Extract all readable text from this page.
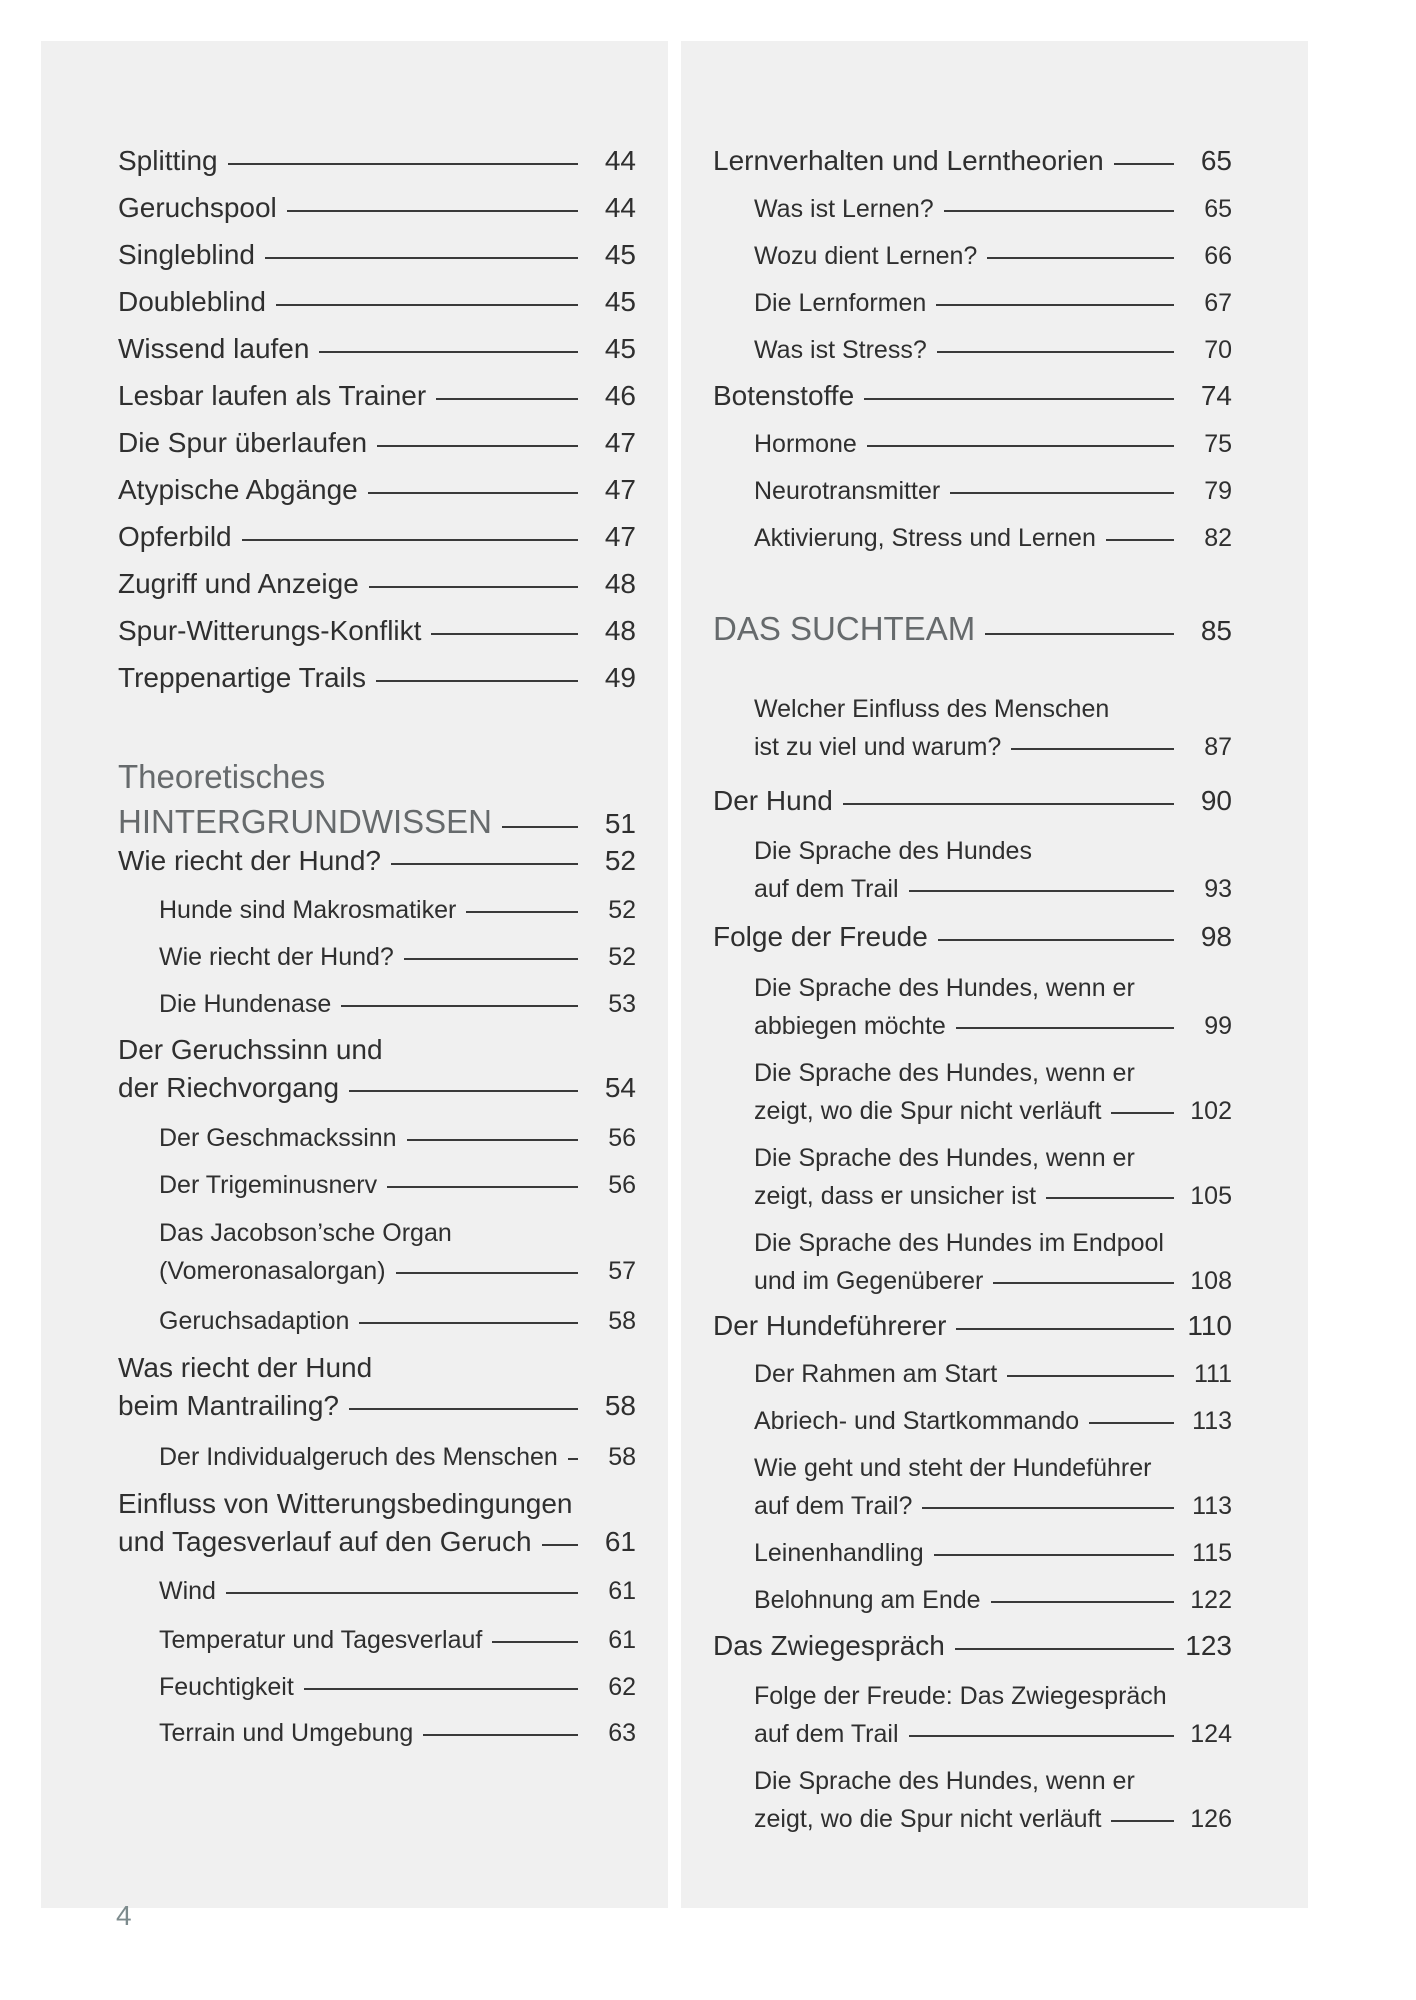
Splitting	44
Geruchspool	44
Singleblind	45
Doubleblind	45
Wissend laufen	45
Lesbar laufen als Trainer	46
Die Spur überlaufen	47
Atypische Abgänge	47
Opferbild	47
Zugriff und Anzeige	48
Spur-Witterungs-Konflikt	48
Treppenartige Trails	49
Theoretisches
HINTERGRUNDWISSEN	51
Wie riecht der Hund?	52
Hunde sind Makrosmatiker	52
Wie riecht der Hund?	52
Die Hundenase	53
Der Geruchssinn und
der Riechvorgang	54
Der Geschmackssinn	56
Der Trigeminusnerv	56
Das Jacobson’sche Organ
(Vomeronasalorgan)	57
Geruchsadaption	58
Was riecht der Hund
beim Mantrailing?	58
Der Individualgeruch des Menschen	58
Einfluss von Witterungsbedingungen
und Tagesverlauf auf den Geruch	61
Wind	61
Temperatur und Tagesverlauf	61
Feuchtigkeit	62
Terrain und Umgebung	63
Lernverhalten und Lerntheorien	65
Was ist Lernen?	65
Wozu dient Lernen?	66
Die Lernformen	67
Was ist Stress?	70
Botenstoffe	74
Hormone	75
Neurotransmitter	79
Aktivierung, Stress und Lernen	82
DAS SUCHTEAM	85
Welcher Einfluss des Menschen
ist zu viel und warum?	87
Der Hund	90
Die Sprache des Hundes
auf dem Trail	93
Folge der Freude	98
Die Sprache des Hundes, wenn er
abbiegen möchte	99
Die Sprache des Hundes, wenn er
zeigt, wo die Spur nicht verläuft	102
Die Sprache des Hundes, wenn er
zeigt, dass er unsicher ist	105
Die Sprache des Hundes im Endpool
und im Gegenüberer	108
Der Hundeführerer	110
Der Rahmen am Start	111
Abriech- und Startkommando	113
Wie geht und steht der Hundeführer
auf dem Trail?	113
Leinenhandling	115
Belohnung am Ende	122
Das Zwiegespräch	123
Folge der Freude: Das Zwiegespräch
auf dem Trail	124
Die Sprache des Hundes, wenn er
zeigt, wo die Spur nicht verläuft	126
4
